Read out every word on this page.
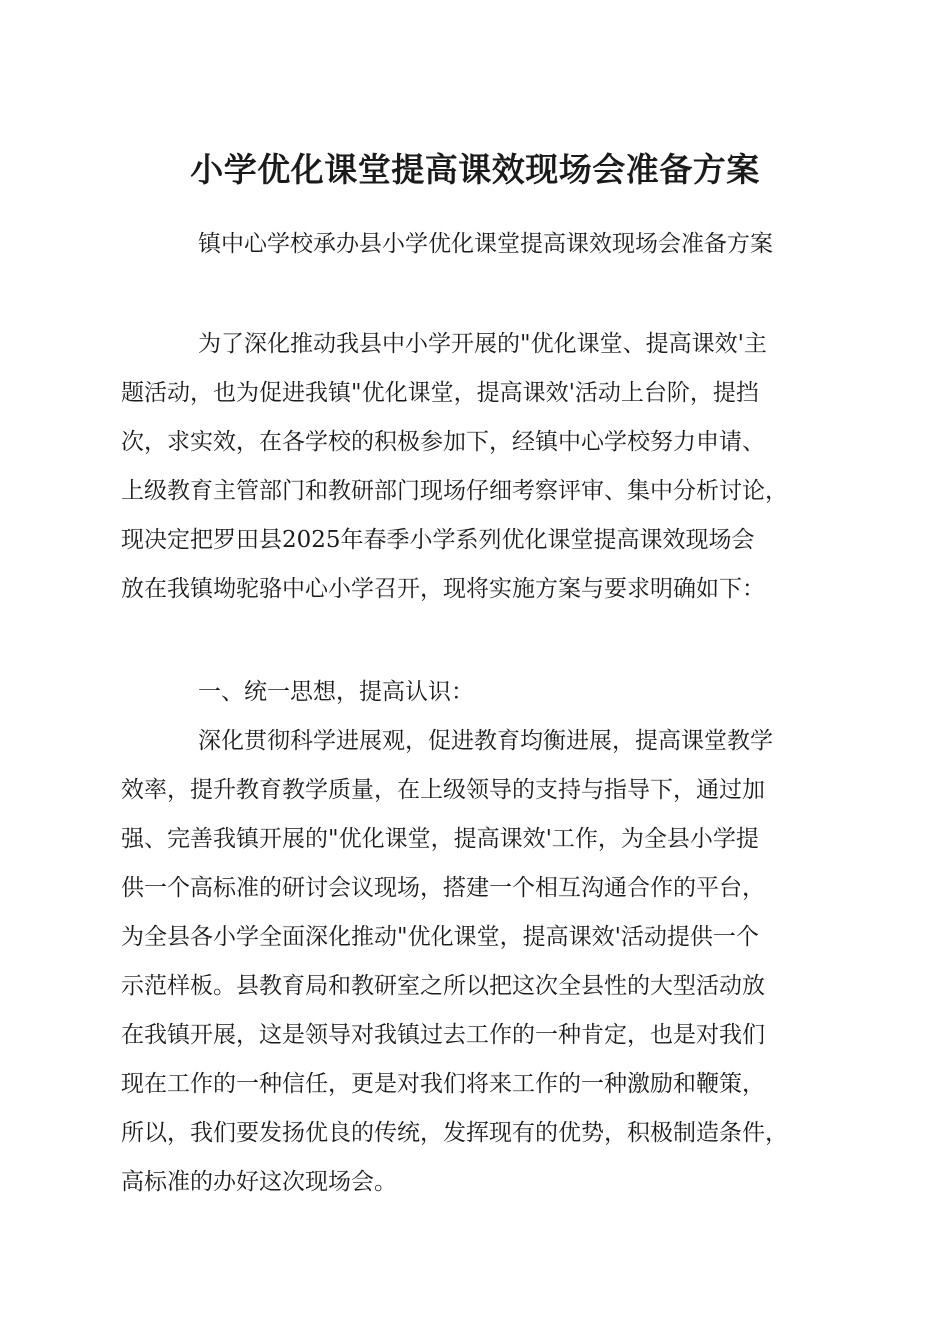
小学优化课堂提高课效现场会准备方案

镇中心学校承办县小学优化课堂提高课效现场会准备方案

为了深化推动我县中小学开展的"优化课堂、提高课效'主

题活动，也为促进我镇"优化课堂，提高课效'活动上台阶，提挡

次，求实效，在各学校的积极参加下，经镇中心学校努力申请、

上级教育主管部门和教研部门现场仔细考察评审、集中分析讨论，

现决定把罗田县2025年春季小学系列优化课堂提高课效现场会

放在我镇坳驼骆中心小学召开，现将实施方案与要求明确如下：

一、统一思想，提高认识：

深化贯彻科学进展观，促进教育均衡进展，提高课堂教学

效率，提升教育教学质量，在上级领导的支持与指导下，通过加

强、完善我镇开展的"优化课堂，提高课效'工作，为全县小学提

供一个高标准的研讨会议现场，搭建一个相互沟通合作的平台，

为全县各小学全面深化推动"优化课堂，提高课效'活动提供一个

示范样板。县教育局和教研室之所以把这次全县性的大型活动放

在我镇开展，这是领导对我镇过去工作的一种肯定，也是对我们

现在工作的一种信任，更是对我们将来工作的一种激励和鞭策，

所以，我们要发扬优良的传统，发挥现有的优势，积极制造条件，

高标准的办好这次现场会。
